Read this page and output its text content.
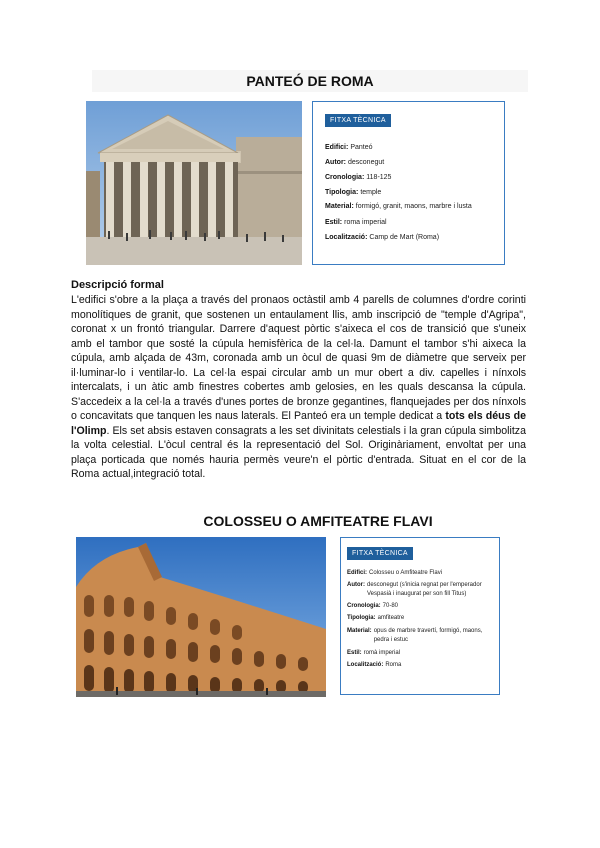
PANTEÓ DE ROMA
FITXA TÈCNICA
Edifici: Panteó
Autor: desconegut
Cronologia: 118-125
Tipologia: temple
Material: formigó, granit, maons, marbre i lusta
Estil: roma imperial
Localització: Camp de Mart (Roma)
Descripció formal
L'edifici s'obre a la plaça a través del pronaos octàstil amb 4 parells de columnes d'ordre corinti monolítiques de granit, que sostenen un entaulament llis, amb inscripció de "temple d'Agripa", coronat x un frontó triangular. Darrere d'aquest pòrtic s'aixeca el cos de transició que s'uneix amb el tambor que sosté la cúpula hemisfèrica de la cel·la. Damunt el tambor s'hi aixeca la cúpula, amb alçada de 43m, coronada amb un òcul de quasi 9m de diàmetre que serveix per il·luminar-lo i ventilar-lo. La cel·la espai circular amb un mur obert a div. capelles i nínxols intercalats, i un àtic amb finestres cobertes amb gelosies, en les quals descansa la cúpula. S'accedeix a la cel·la a través d'unes portes de bronze gegantines, flanquejades per dos nínxols o concavitats que tanquen les naus laterals. El Panteó era un temple dedicat a tots els déus de l'Olimp. Els set absis estaven consagrats a les set divinitats celestials i la gran cúpula simbolitza la volta celestial. L'òcul central és la representació del Sol. Originàriament, envoltat per una plaça porticada que només hauria permès veure'n el pòrtic d'entrada. Situat en el cor de la Roma actual,integració total.
COLOSSEU O AMFITEATRE FLAVI
FITXA TÈCNICA
Edifici: Colosseu o Amfiteatre Flavi
Autor: desconegut (s'inicia regnat per l'emperador Vespasià i inaugurat per son fill Titus)
Cronologia: 70-80
Tipologia: amfiteatre
Material: opus de marbre travertí, formigó, maons, pedra i estuc
Estil: romà imperial
Localització: Roma
